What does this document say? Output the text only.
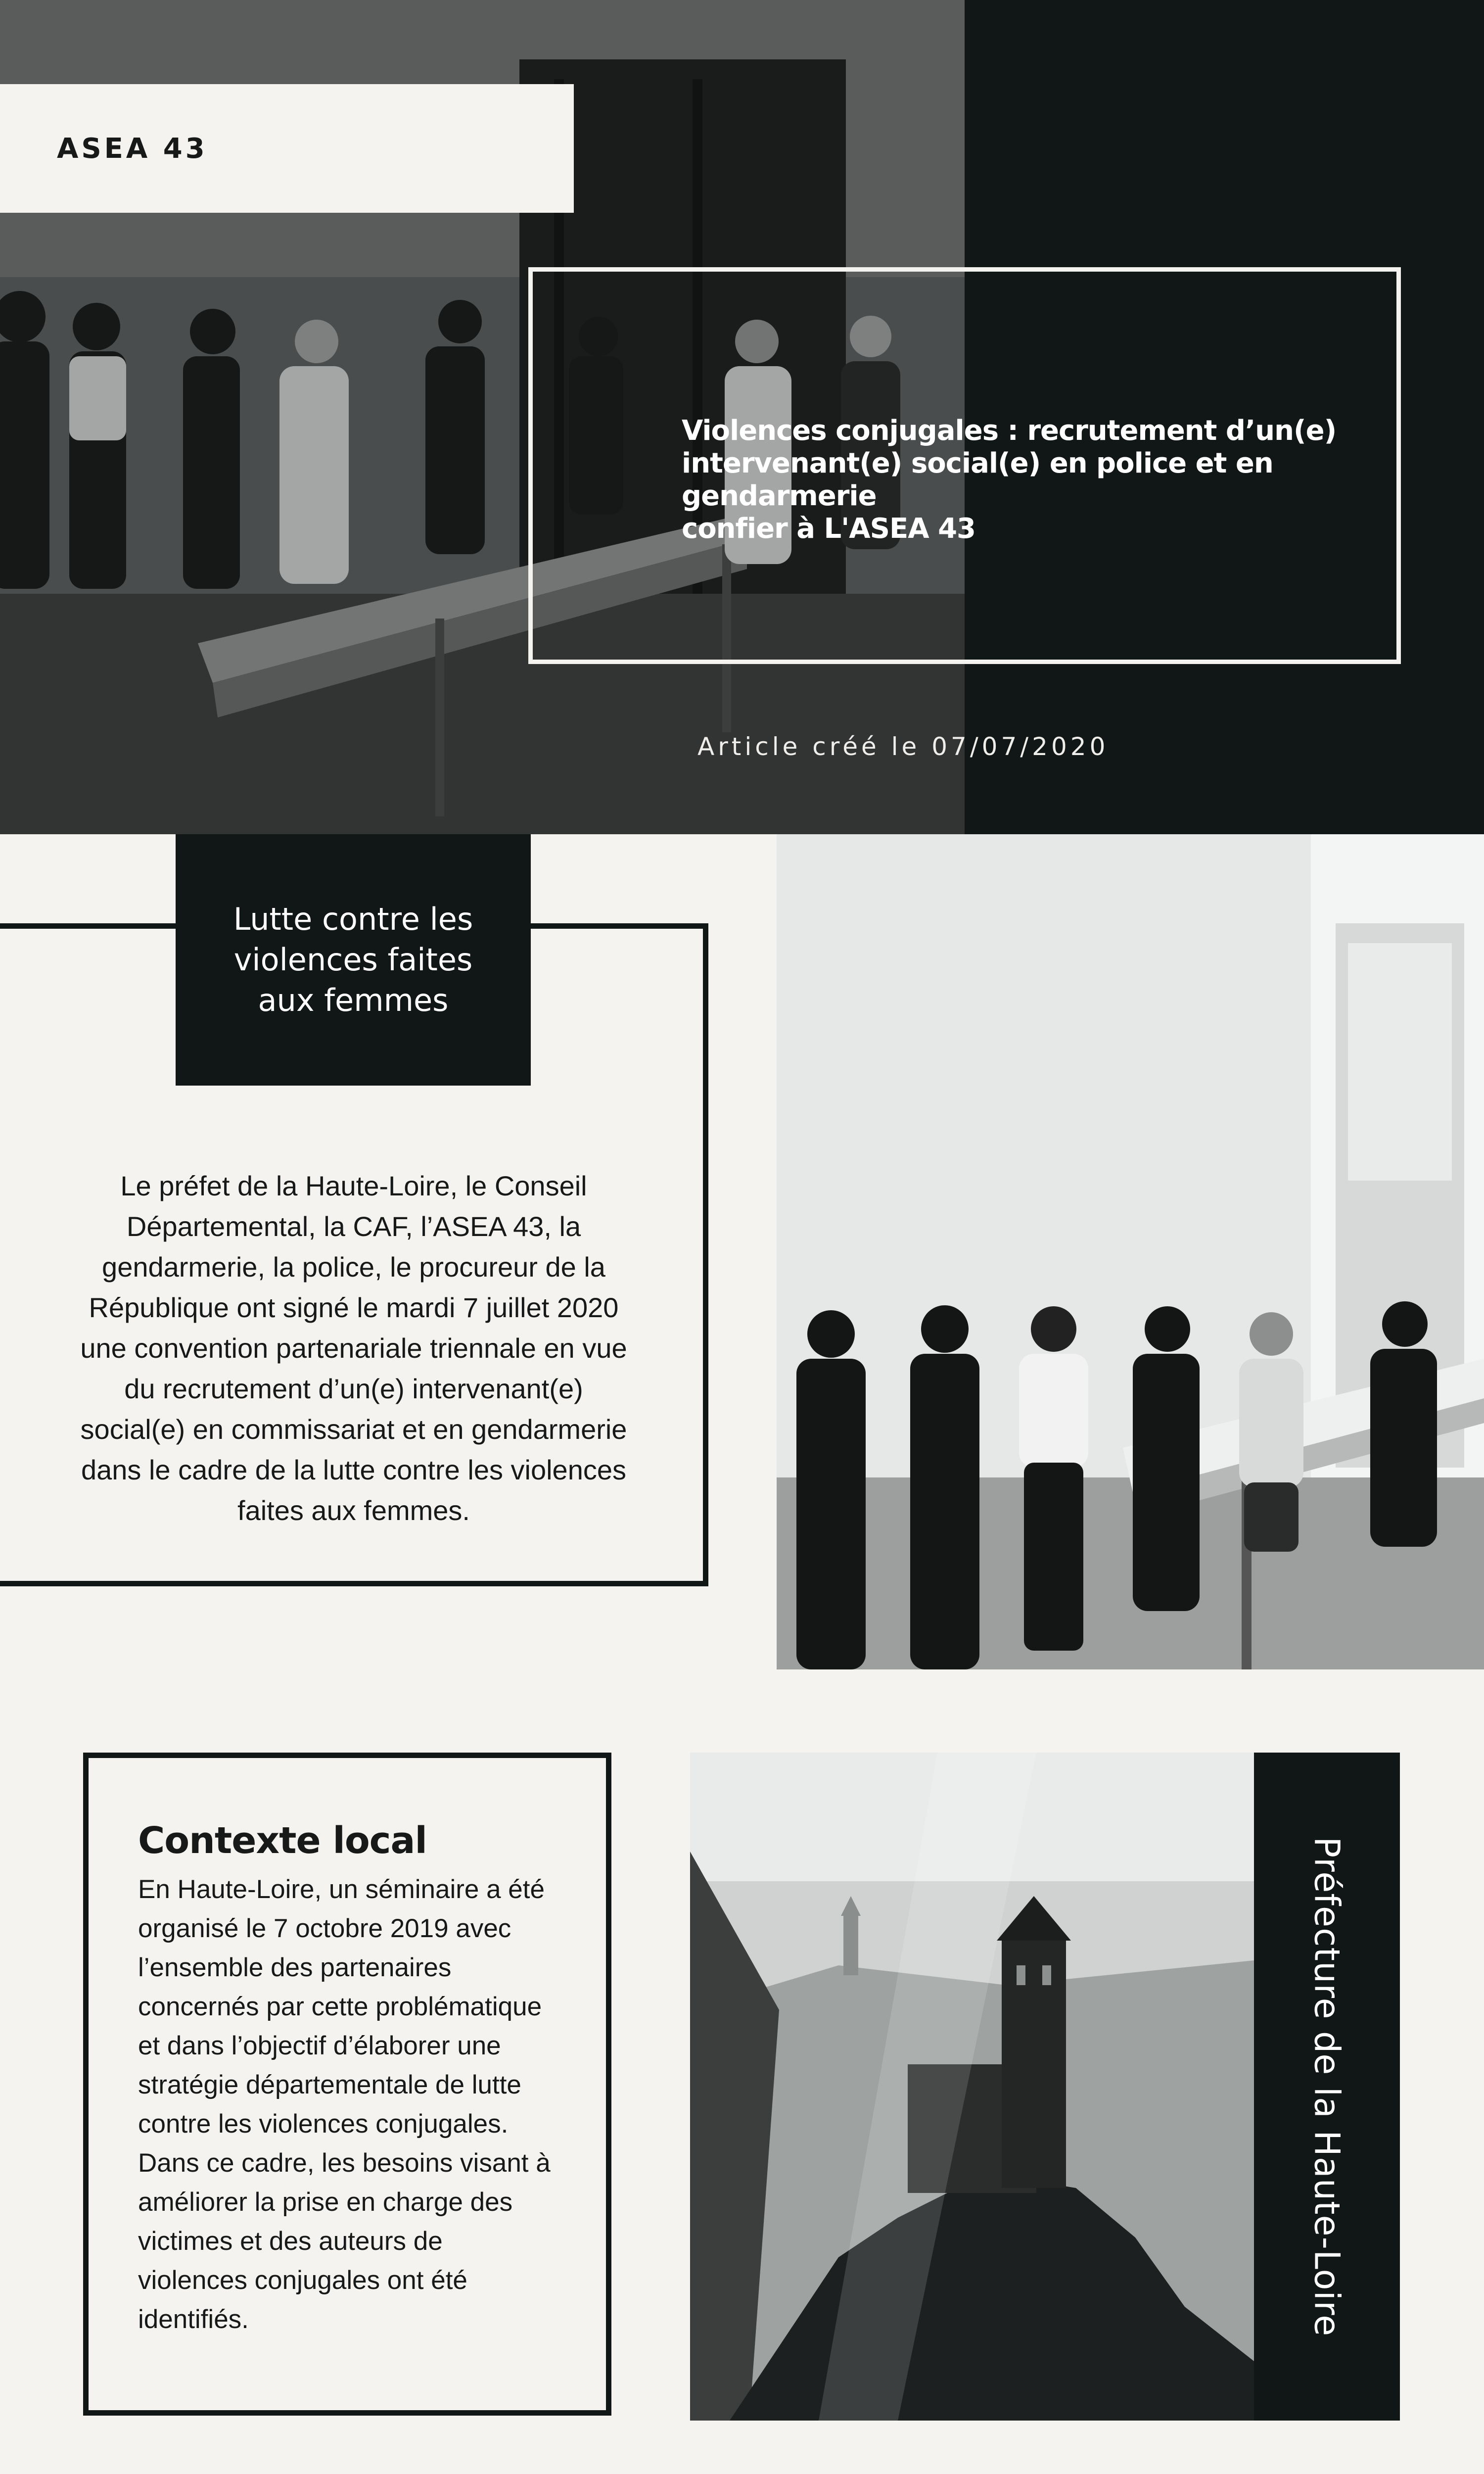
ASEA 43
Violences conjugales : recrutement d’un(e)
intervenant(e) social(e) en police et en
gendarmerie
confier à L'ASEA 43
Article créé le 07/07/2020
Lutte contre les
violences faites
aux femmes

Le préfet de la Haute-Loire, le Conseil Départemental, la CAF, l’ASEA 43, la gendarmerie, la police, le procureur de la République ont signé le mardi 7 juillet 2020 une convention partenariale triennale en vue du recrutement d’un(e) intervenant(e) social(e) en commissariat et en gendarmerie dans le cadre de la lutte contre les violences faites aux femmes.

Contexte local

En Haute-Loire, un séminaire a été organisé le 7 octobre 2019 avec l’ensemble des partenaires concernés par cette problématique et dans l’objectif d’élaborer une stratégie départementale de lutte contre les violences conjugales. Dans ce cadre, les besoins visant à améliorer la prise en charge des victimes et des auteurs de violences conjugales ont été identifiés.	Préfecture de la Haute-Loire
